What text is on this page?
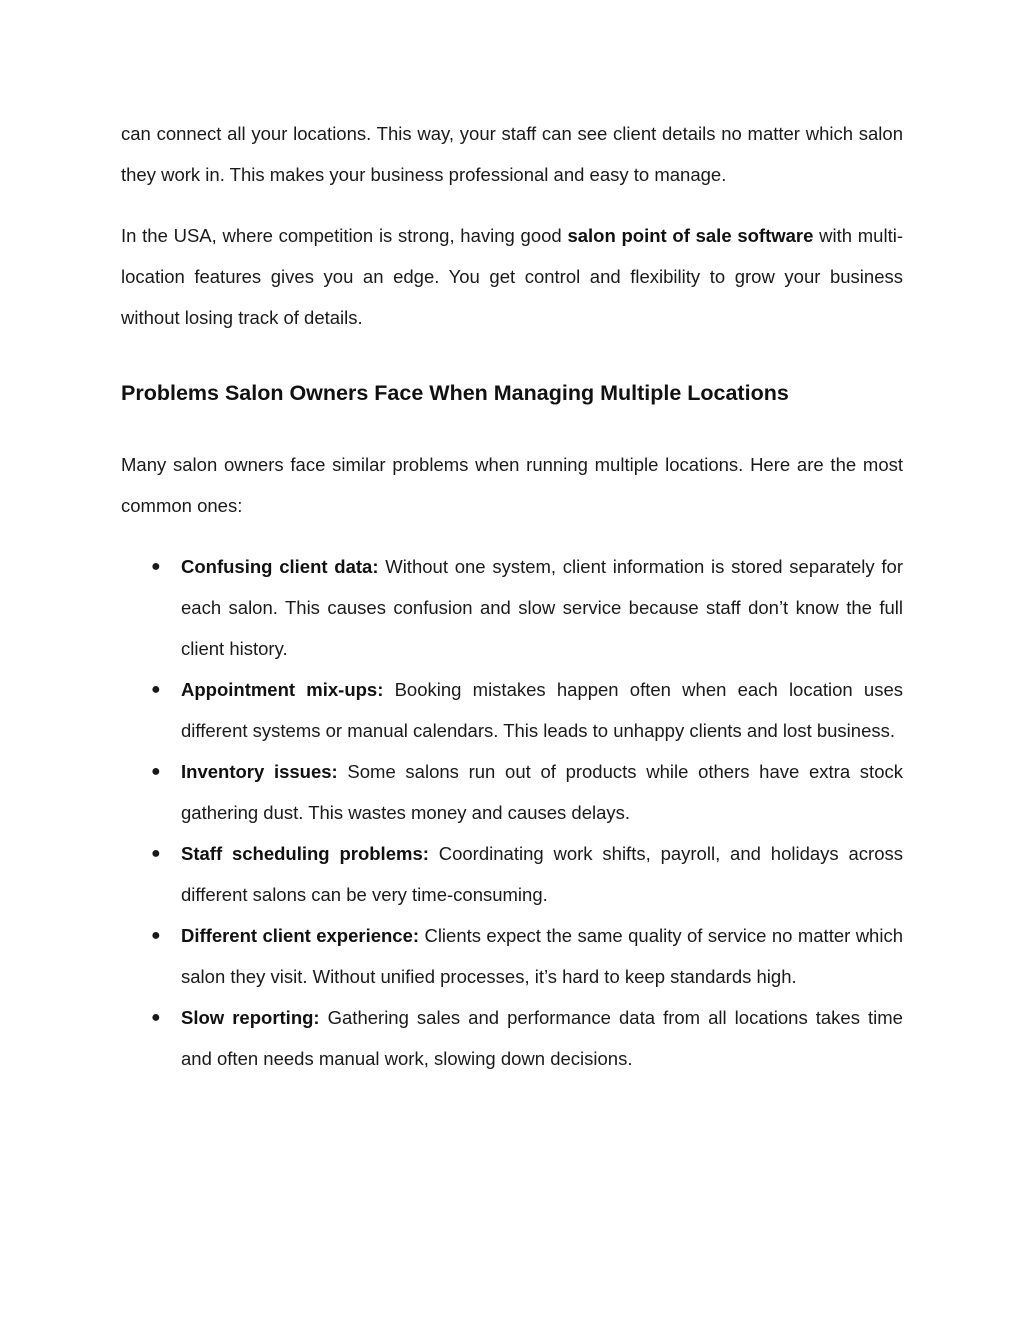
can connect all your locations. This way, your staff can see client details no matter which salon they work in. This makes your business professional and easy to manage.

In the USA, where competition is strong, having good salon point of sale software with multi-location features gives you an edge. You get control and flexibility to grow your business without losing track of details.

Problems Salon Owners Face When Managing Multiple Locations

Many salon owners face similar problems when running multiple locations. Here are the most common ones:

● Confusing client data: Without one system, client information is stored separately for each salon. This causes confusion and slow service because staff don’t know the full client history.
● Appointment mix-ups: Booking mistakes happen often when each location uses different systems or manual calendars. This leads to unhappy clients and lost business.
● Inventory issues: Some salons run out of products while others have extra stock gathering dust. This wastes money and causes delays.
● Staff scheduling problems: Coordinating work shifts, payroll, and holidays across different salons can be very time-consuming.
● Different client experience: Clients expect the same quality of service no matter which salon they visit. Without unified processes, it’s hard to keep standards high.
● Slow reporting: Gathering sales and performance data from all locations takes time and often needs manual work, slowing down decisions.
